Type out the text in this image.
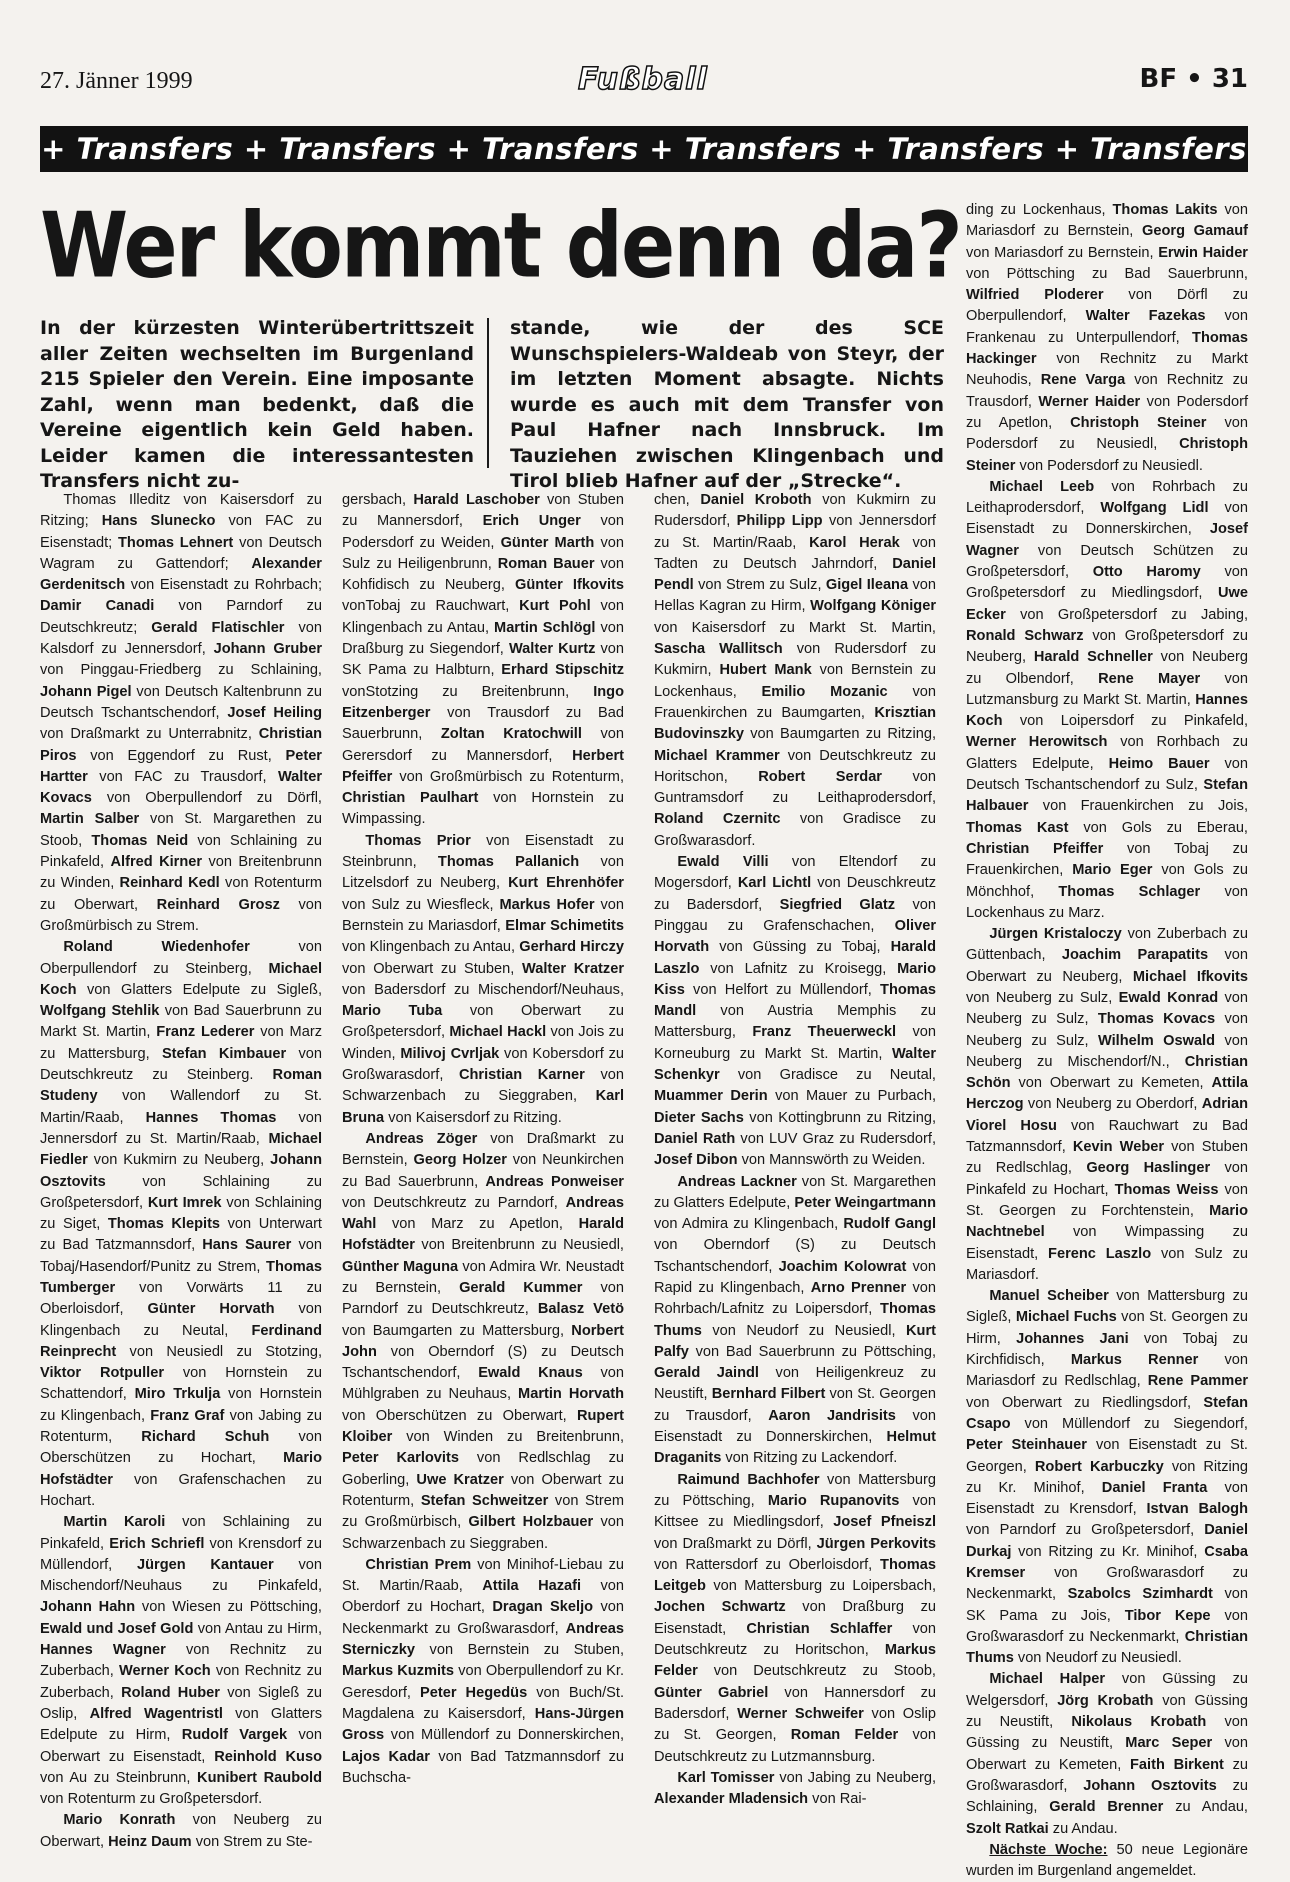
27. Jänner 1999	Fußball	BF • 31
+ Transfers + Transfers + Transfers + Transfers + Transfers + Transfers
Wer kommt denn da?
In der kürzesten Winterübertrittszeit aller Zeiten wechselten im Burgenland 215 Spieler den Verein. Eine imposante Zahl, wenn man bedenkt, daß die Vereine eigentlich kein Geld haben. Leider kamen die interessantesten Transfers nicht zu-
stande, wie der des SCE Wunschspielers-Waldeab von Steyr, der im letzten Moment absagte. Nichts wurde es auch mit dem Transfer von Paul Hafner nach Innsbruck. Im Tauziehen zwischen Klingenbach und Tirol blieb Hafner auf der „Strecke“.

Thomas Illeditz von Kaisersdorf zu Ritzing; Hans Slunecko von FAC zu Eisenstadt; Thomas Lehnert von Deutsch Wagram zu Gattendorf; Alexander Gerdenitsch von Eisenstadt zu Rohrbach; Damir Canadi von Parndorf zu Deutschkreutz; Gerald Flatischler von Kalsdorf zu Jennersdorf, Johann Gruber von Pinggau-Friedberg zu Schlaining, Johann Pigel von Deutsch Kaltenbrunn zu Deutsch Tschantschendorf, Josef Heiling von Draßmarkt zu Unterrabnitz, Christian Piros von Eggendorf zu Rust, Peter Hartter von FAC zu Trausdorf, Walter Kovacs von Oberpullendorf zu Dörfl, Martin Salber von St. Margarethen zu Stoob, Thomas Neid von Schlaining zu Pinkafeld, Alfred Kirner von Breitenbrunn zu Winden, Reinhard Kedl von Rotenturm zu Oberwart, Reinhard Grosz von Großmürbisch zu Strem.

Roland Wiedenhofer von Oberpullendorf zu Steinberg, Michael Koch von Glatters Edelpute zu Sigleß, Wolfgang Stehlik von Bad Sauerbrunn zu Markt St. Martin, Franz Lederer von Marz zu Mattersburg, Stefan Kimbauer von Deutschkreutz zu Steinberg. Roman Studeny von Wallendorf zu St. Martin/Raab, Hannes Thomas von Jennersdorf zu St. Martin/Raab, Michael Fiedler von Kukmirn zu Neuberg, Johann Osztovits von Schlaining zu Großpetersdorf, Kurt Imrek von Schlaining zu Siget, Thomas Klepits von Unterwart zu Bad Tatzmannsdorf, Hans Saurer von Tobaj/Hasendorf/Punitz zu Strem, Thomas Tumberger von Vorwärts 11 zu Oberloisdorf, Günter Horvath von Klingenbach zu Neutal, Ferdinand Reinprecht von Neusiedl zu Stotzing, Viktor Rotpuller von Hornstein zu Schattendorf, Miro Trkulja von Hornstein zu Klingenbach, Franz Graf von Jabing zu Rotenturm, Richard Schuh von Oberschützen zu Hochart, Mario Hofstädter von Grafenschachen zu Hochart.

Martin Karoli von Schlaining zu Pinkafeld, Erich Schriefl von Krensdorf zu Müllendorf, Jürgen Kantauer von Mischendorf/Neuhaus zu Pinkafeld, Johann Hahn von Wiesen zu Pöttsching, Ewald und Josef Gold von Antau zu Hirm, Hannes Wagner von Rechnitz zu Zuberbach, Werner Koch von Rechnitz zu Zuberbach, Roland Huber von Sigleß zu Oslip, Alfred Wagentristl von Glatters Edelpute zu Hirm, Rudolf Vargek von Oberwart zu Eisenstadt, Reinhold Kuso von Au zu Steinbrunn, Kunibert Raubold von Rotenturm zu Großpetersdorf.

Mario Konrath von Neuberg zu Oberwart, Heinz Daum von Strem zu Ste-

gersbach, Harald Laschober von Stuben zu Mannersdorf, Erich Unger von Podersdorf zu Weiden, Günter Marth von Sulz zu Heiligenbrunn, Roman Bauer von Kohfidisch zu Neuberg, Günter Ifkovits vonTobaj zu Rauchwart, Kurt Pohl von Klingenbach zu Antau, Martin Schlögl von Draßburg zu Siegendorf, Walter Kurtz von SK Pama zu Halbturn, Erhard Stipschitz vonStotzing zu Breitenbrunn, Ingo Eitzenberger von Trausdorf zu Bad Sauerbrunn, Zoltan Kratochwill von Gerersdorf zu Mannersdorf, Herbert Pfeiffer von Großmürbisch zu Rotenturm, Christian Paulhart von Hornstein zu Wimpassing.

Thomas Prior von Eisenstadt zu Steinbrunn, Thomas Pallanich von Litzelsdorf zu Neuberg, Kurt Ehrenhöfer von Sulz zu Wiesfleck, Markus Hofer von Bernstein zu Mariasdorf, Elmar Schimetits von Klingenbach zu Antau, Gerhard Hirczy von Oberwart zu Stuben, Walter Kratzer von Badersdorf zu Mischendorf/Neuhaus, Mario Tuba von Oberwart zu Großpetersdorf, Michael Hackl von Jois zu Winden, Milivoj Cvrljak von Kobersdorf zu Großwarasdorf, Christian Karner von Schwarzenbach zu Sieggraben, Karl Bruna von Kaisersdorf zu Ritzing.

Andreas Zöger von Draßmarkt zu Bernstein, Georg Holzer von Neunkirchen zu Bad Sauerbrunn, Andreas Ponweiser von Deutschkreutz zu Parndorf, Andreas Wahl von Marz zu Apetlon, Harald Hofstädter von Breitenbrunn zu Neusiedl, Günther Maguna von Admira Wr. Neustadt zu Bernstein, Gerald Kummer von Parndorf zu Deutschkreutz, Balasz Vetö von Baumgarten zu Mattersburg, Norbert John von Oberndorf (S) zu Deutsch Tschantschendorf, Ewald Knaus von Mühlgraben zu Neuhaus, Martin Horvath von Oberschützen zu Oberwart, Rupert Kloiber von Winden zu Breitenbrunn, Peter Karlovits von Redlschlag zu Goberling, Uwe Kratzer von Oberwart zu Rotenturm, Stefan Schweitzer von Strem zu Großmürbisch, Gilbert Holzbauer von Schwarzenbach zu Sieggraben.

Christian Prem von Minihof-Liebau zu St. Martin/Raab, Attila Hazafi von Oberdorf zu Hochart, Dragan Skeljo von Neckenmarkt zu Großwarasdorf, Andreas Sterniczky von Bernstein zu Stuben, Markus Kuzmits von Oberpullendorf zu Kr. Geresdorf, Peter Hegedüs von Buch/St. Magdalena zu Kaisersdorf, Hans-Jürgen Gross von Müllendorf zu Donnerskirchen, Lajos Kadar von Bad Tatzmannsdorf zu Buchscha-

chen, Daniel Kroboth von Kukmirn zu Rudersdorf, Philipp Lipp von Jennersdorf zu St. Martin/Raab, Karol Herak von Tadten zu Deutsch Jahrndorf, Daniel Pendl von Strem zu Sulz, Gigel Ileana von Hellas Kagran zu Hirm, Wolfgang Königer von Kaisersdorf zu Markt St. Martin, Sascha Wallitsch von Rudersdorf zu Kukmirn, Hubert Mank von Bernstein zu Lockenhaus, Emilio Mozanic von Frauenkirchen zu Baumgarten, Krisztian Budovinszky von Baumgarten zu Ritzing, Michael Krammer von Deutschkreutz zu Horitschon, Robert Serdar von Guntramsdorf zu Leithaprodersdorf, Roland Czernitc von Gradisce zu Großwarasdorf.

Ewald Villi von Eltendorf zu Mogersdorf, Karl Lichtl von Deuschkreutz zu Badersdorf, Siegfried Glatz von Pinggau zu Grafenschachen, Oliver Horvath von Güssing zu Tobaj, Harald Laszlo von Lafnitz zu Kroisegg, Mario Kiss von Helfort zu Müllendorf, Thomas Mandl von Austria Memphis zu Mattersburg, Franz Theuerweckl von Korneuburg zu Markt St. Martin, Walter Schenkyr von Gradisce zu Neutal, Muammer Derin von Mauer zu Purbach, Dieter Sachs von Kottingbrunn zu Ritzing, Daniel Rath von LUV Graz zu Rudersdorf, Josef Dibon von Mannswörth zu Weiden.

Andreas Lackner von St. Margarethen zu Glatters Edelpute, Peter Weingartmann von Admira zu Klingenbach, Rudolf Gangl von Oberndorf (S) zu Deutsch Tschantschendorf, Joachim Kolowrat von Rapid zu Klingenbach, Arno Prenner von Rohrbach/Lafnitz zu Loipersdorf, Thomas Thums von Neudorf zu Neusiedl, Kurt Palfy von Bad Sauerbrunn zu Pöttsching, Gerald Jaindl von Heiligenkreuz zu Neustift, Bernhard Filbert von St. Georgen zu Trausdorf, Aaron Jandrisits von Eisenstadt zu Donnerskirchen, Helmut Draganits von Ritzing zu Lackendorf.

Raimund Bachhofer von Mattersburg zu Pöttsching, Mario Rupanovits von Kittsee zu Miedlingsdorf, Josef Pfneiszl von Draßmarkt zu Dörfl, Jürgen Perkovits von Rattersdorf zu Oberloisdorf, Thomas Leitgeb von Mattersburg zu Loipersbach, Jochen Schwartz von Draßburg zu Eisenstadt, Christian Schlaffer von Deutschkreutz zu Horitschon, Markus Felder von Deutschkreutz zu Stoob, Günter Gabriel von Hannersdorf zu Badersdorf, Werner Schweifer von Oslip zu St. Georgen, Roman Felder von Deutschkreutz zu Lutzmannsburg.

Karl Tomisser von Jabing zu Neuberg, Alexander Mladensich von Rai-

ding zu Lockenhaus, Thomas Lakits von Mariasdorf zu Bernstein, Georg Gamauf von Mariasdorf zu Bernstein, Erwin Haider von Pöttsching zu Bad Sauerbrunn, Wilfried Ploderer von Dörfl zu Oberpullendorf, Walter Fazekas von Frankenau zu Unterpullendorf, Thomas Hackinger von Rechnitz zu Markt Neuhodis, Rene Varga von Rechnitz zu Trausdorf, Werner Haider von Podersdorf zu Apetlon, Christoph Steiner von Podersdorf zu Neusiedl, Christoph Steiner von Podersdorf zu Neusiedl.

Michael Leeb von Rohrbach zu Leithaprodersdorf, Wolfgang Lidl von Eisenstadt zu Donnerskirchen, Josef Wagner von Deutsch Schützen zu Großpetersdorf, Otto Haromy von Großpetersdorf zu Miedlingsdorf, Uwe Ecker von Großpetersdorf zu Jabing, Ronald Schwarz von Großpetersdorf zu Neuberg, Harald Schneller von Neuberg zu Olbendorf, Rene Mayer von Lutzmansburg zu Markt St. Martin, Hannes Koch von Loipersdorf zu Pinkafeld, Werner Herowitsch von Rorhbach zu Glatters Edelpute, Heimo Bauer von Deutsch Tschantschendorf zu Sulz, Stefan Halbauer von Frauenkirchen zu Jois, Thomas Kast von Gols zu Eberau, Christian Pfeiffer von Tobaj zu Frauenkirchen, Mario Eger von Gols zu Mönchhof, Thomas Schlager von Lockenhaus zu Marz.

Jürgen Kristaloczy von Zuberbach zu Güttenbach, Joachim Parapatits von Oberwart zu Neuberg, Michael Ifkovits von Neuberg zu Sulz, Ewald Konrad von Neuberg zu Sulz, Thomas Kovacs von Neuberg zu Sulz, Wilhelm Oswald von Neuberg zu Mischendorf/N., Christian Schön von Oberwart zu Kemeten, Attila Herczog von Neuberg zu Oberdorf, Adrian Viorel Hosu von Rauchwart zu Bad Tatzmannsdorf, Kevin Weber von Stuben zu Redlschlag, Georg Haslinger von Pinkafeld zu Hochart, Thomas Weiss von St. Georgen zu Forchtenstein, Mario Nachtnebel von Wimpassing zu Eisenstadt, Ferenc Laszlo von Sulz zu Mariasdorf.

Manuel Scheiber von Mattersburg zu Sigleß, Michael Fuchs von St. Georgen zu Hirm, Johannes Jani von Tobaj zu Kirchfidisch, Markus Renner von Mariasdorf zu Redlschlag, Rene Pammer von Oberwart zu Riedlingsdorf, Stefan Csapo von Müllendorf zu Siegendorf, Peter Steinhauer von Eisenstadt zu St. Georgen, Robert Karbuczky von Ritzing zu Kr. Minihof, Daniel Franta von Eisenstadt zu Krensdorf, Istvan Balogh von Parndorf zu Großpetersdorf, Daniel Durkaj von Ritzing zu Kr. Minihof, Csaba Kremser von Großwarasdorf zu Neckenmarkt, Szabolcs Szimhardt von SK Pama zu Jois, Tibor Kepe von Großwarasdorf zu Neckenmarkt, Christian Thums von Neudorf zu Neusiedl.

Michael Halper von Güssing zu Welgersdorf, Jörg Krobath von Güssing zu Neustift, Nikolaus Krobath von Güssing zu Neustift, Marc Seper von Oberwart zu Kemeten, Faith Birkent zu Großwarasdorf, Johann Osztovits zu Schlaining, Gerald Brenner zu Andau, Szolt Ratkai zu Andau.

Nächste Woche: 50 neue Legionäre wurden im Burgenland angemeldet.
